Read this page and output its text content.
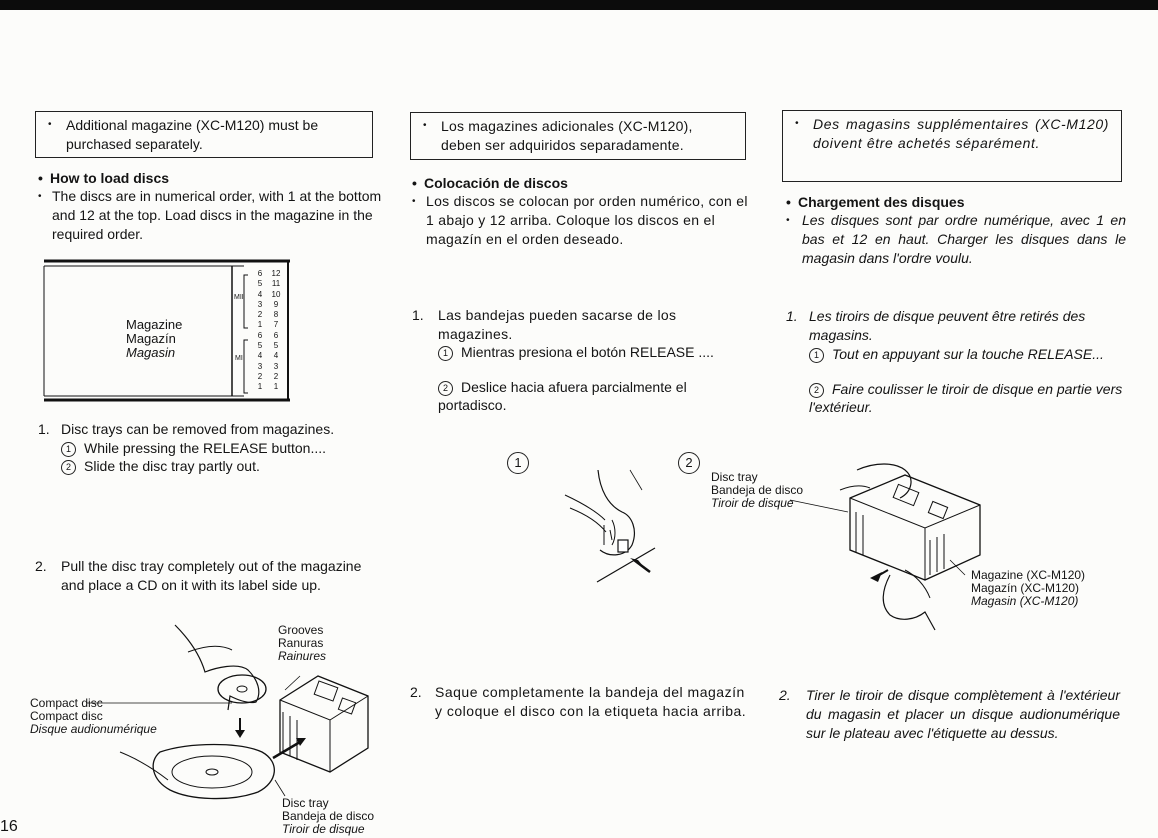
• Additional magazine (XC-M120) must be purchased separately.
• How to load discs
• The discs are in numerical order, with 1 at the bottom and 12 at the top. Load discs in the magazine in the required order.
6
5
4
3
2
1
6
5
4
3
2
1
12
11
10
9
8
7
6
5
4
3
2
1
MII
MI
Magazine
Magazín
Magasin
1. Disc trays can be removed from magazines.
1 While pressing the RELEASE button....
2 Slide the disc tray partly out.
2. Pull the disc tray completely out of the magazine and place a CD on it with its label side up.
Grooves
Ranuras
Rainures
Compact disc
Compact disc
Disque audionumérique
Disc tray
Bandeja de disco
Tiroir de disque
16
• Los magazines adicionales (XC-M120), deben ser adquiridos separadamente.
• Colocación de discos
• Los discos se colocan por orden numérico, con el 1 abajo y 12 arriba. Coloque los discos en el magazín en el orden deseado.
1. Las bandejas pueden sacarse de los magazines.
1 Mientras presiona el botón RELEASE ....
2 Deslice hacia afuera parcialmente el portadisco.
2. Saque completamente la bandeja del magazín y coloque el disco con la etiqueta hacia arriba.
1	2
Disc tray
Bandeja de disco
Tiroir de disque
Magazine (XC-M120)
Magazín (XC-M120)
Magasin (XC-M120)
• Des magasins supplémentaires (XC-M120) doivent être achetés séparément.
• Chargement des disques
• Les disques sont par ordre numérique, avec 1 en bas et 12 en haut. Charger les disques dans le magasin dans l'ordre voulu.
1. Les tiroirs de disque peuvent être retirés des magasins.
1 Tout en appuyant sur la touche RELEASE...
2 Faire coulisser le tiroir de disque en partie vers l'extérieur.
2. Tirer le tiroir de disque complètement à l'extérieur du magasin et placer un disque audionumérique sur le plateau avec l'étiquette au dessus.
